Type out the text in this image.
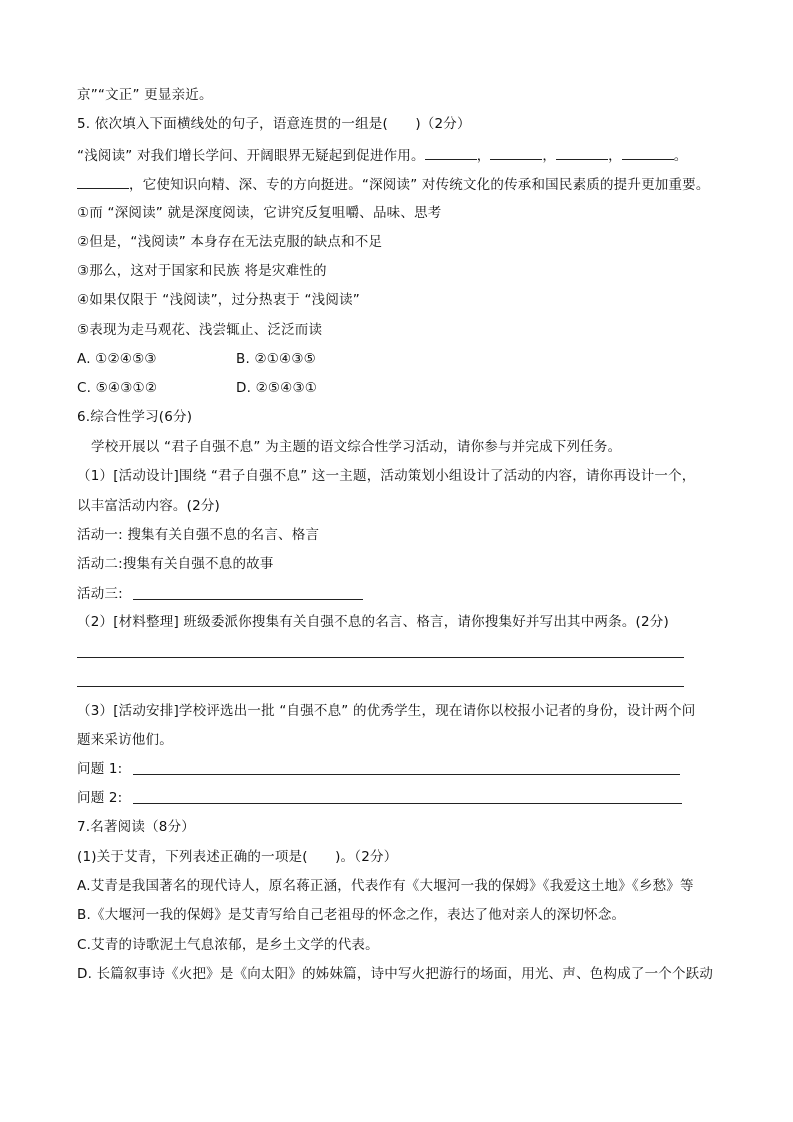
京”“文正” 更显亲近。
5. 依次填入下面横线处的句子，语意连贯的一组是(　　)（2分）
“浅阅读” 对我们增长学问、开阔眼界无疑起到促进作用。	，	，	，	。
，它使知识向精、深、专的方向挺进。“深阅读” 对传统文化的传承和国民素质的提升更加重要。
①而 “深阅读” 就是深度阅读，它讲究反复咀嚼、品味、思考
②但是，“浅阅读” 本身存在无法克服的缺点和不足
③那么，这对于国家和民族 将是灾难性的
④如果仅限于 “浅阅读”，过分热衷于 “浅阅读”
⑤表现为走马观花、浅尝辄止、泛泛而读
A. ①②④⑤③	B. ②①④③⑤
C. ⑤④③①②	D. ②⑤④③①
6.综合性学习(6分)
学校开展以 “君子自强不息” 为主题的语文综合性学习活动，请你参与并完成下列任务。
（1）[活动设计]围绕 “君子自强不息” 这一主题，活动策划小组设计了活动的内容，请你再设计一个，
以丰富活动内容。(2分)
活动一: 搜集有关自强不息的名言、格言
活动二:搜集有关自强不息的故事
活动三:
（2）[材料整理] 班级委派你搜集有关自强不息的名言、格言，请你搜集好并写出其中两条。(2分)
（3）[活动安排]学校评选出一批 “自强不息” 的优秀学生，现在请你以校报小记者的身份，设计两个问
题来采访他们。
问题 1:
问题 2:
7.名著阅读（8分）
(1)关于艾青，下列表述正确的一项是(　　)。（2分）
A.艾青是我国著名的现代诗人，原名蒋正涵，代表作有《大堰河一我的保姆》《我爱这土地》《乡愁》等
B.《大堰河一我的保姆》是艾青写给自己老祖母的怀念之作，表达了他对亲人的深切怀念。
C.艾青的诗歌泥土气息浓郁，是乡土文学的代表。
D. 长篇叙事诗《火把》是《向太阳》的姊妹篇，诗中写火把游行的场面，用光、声、色构成了一个个跃动
